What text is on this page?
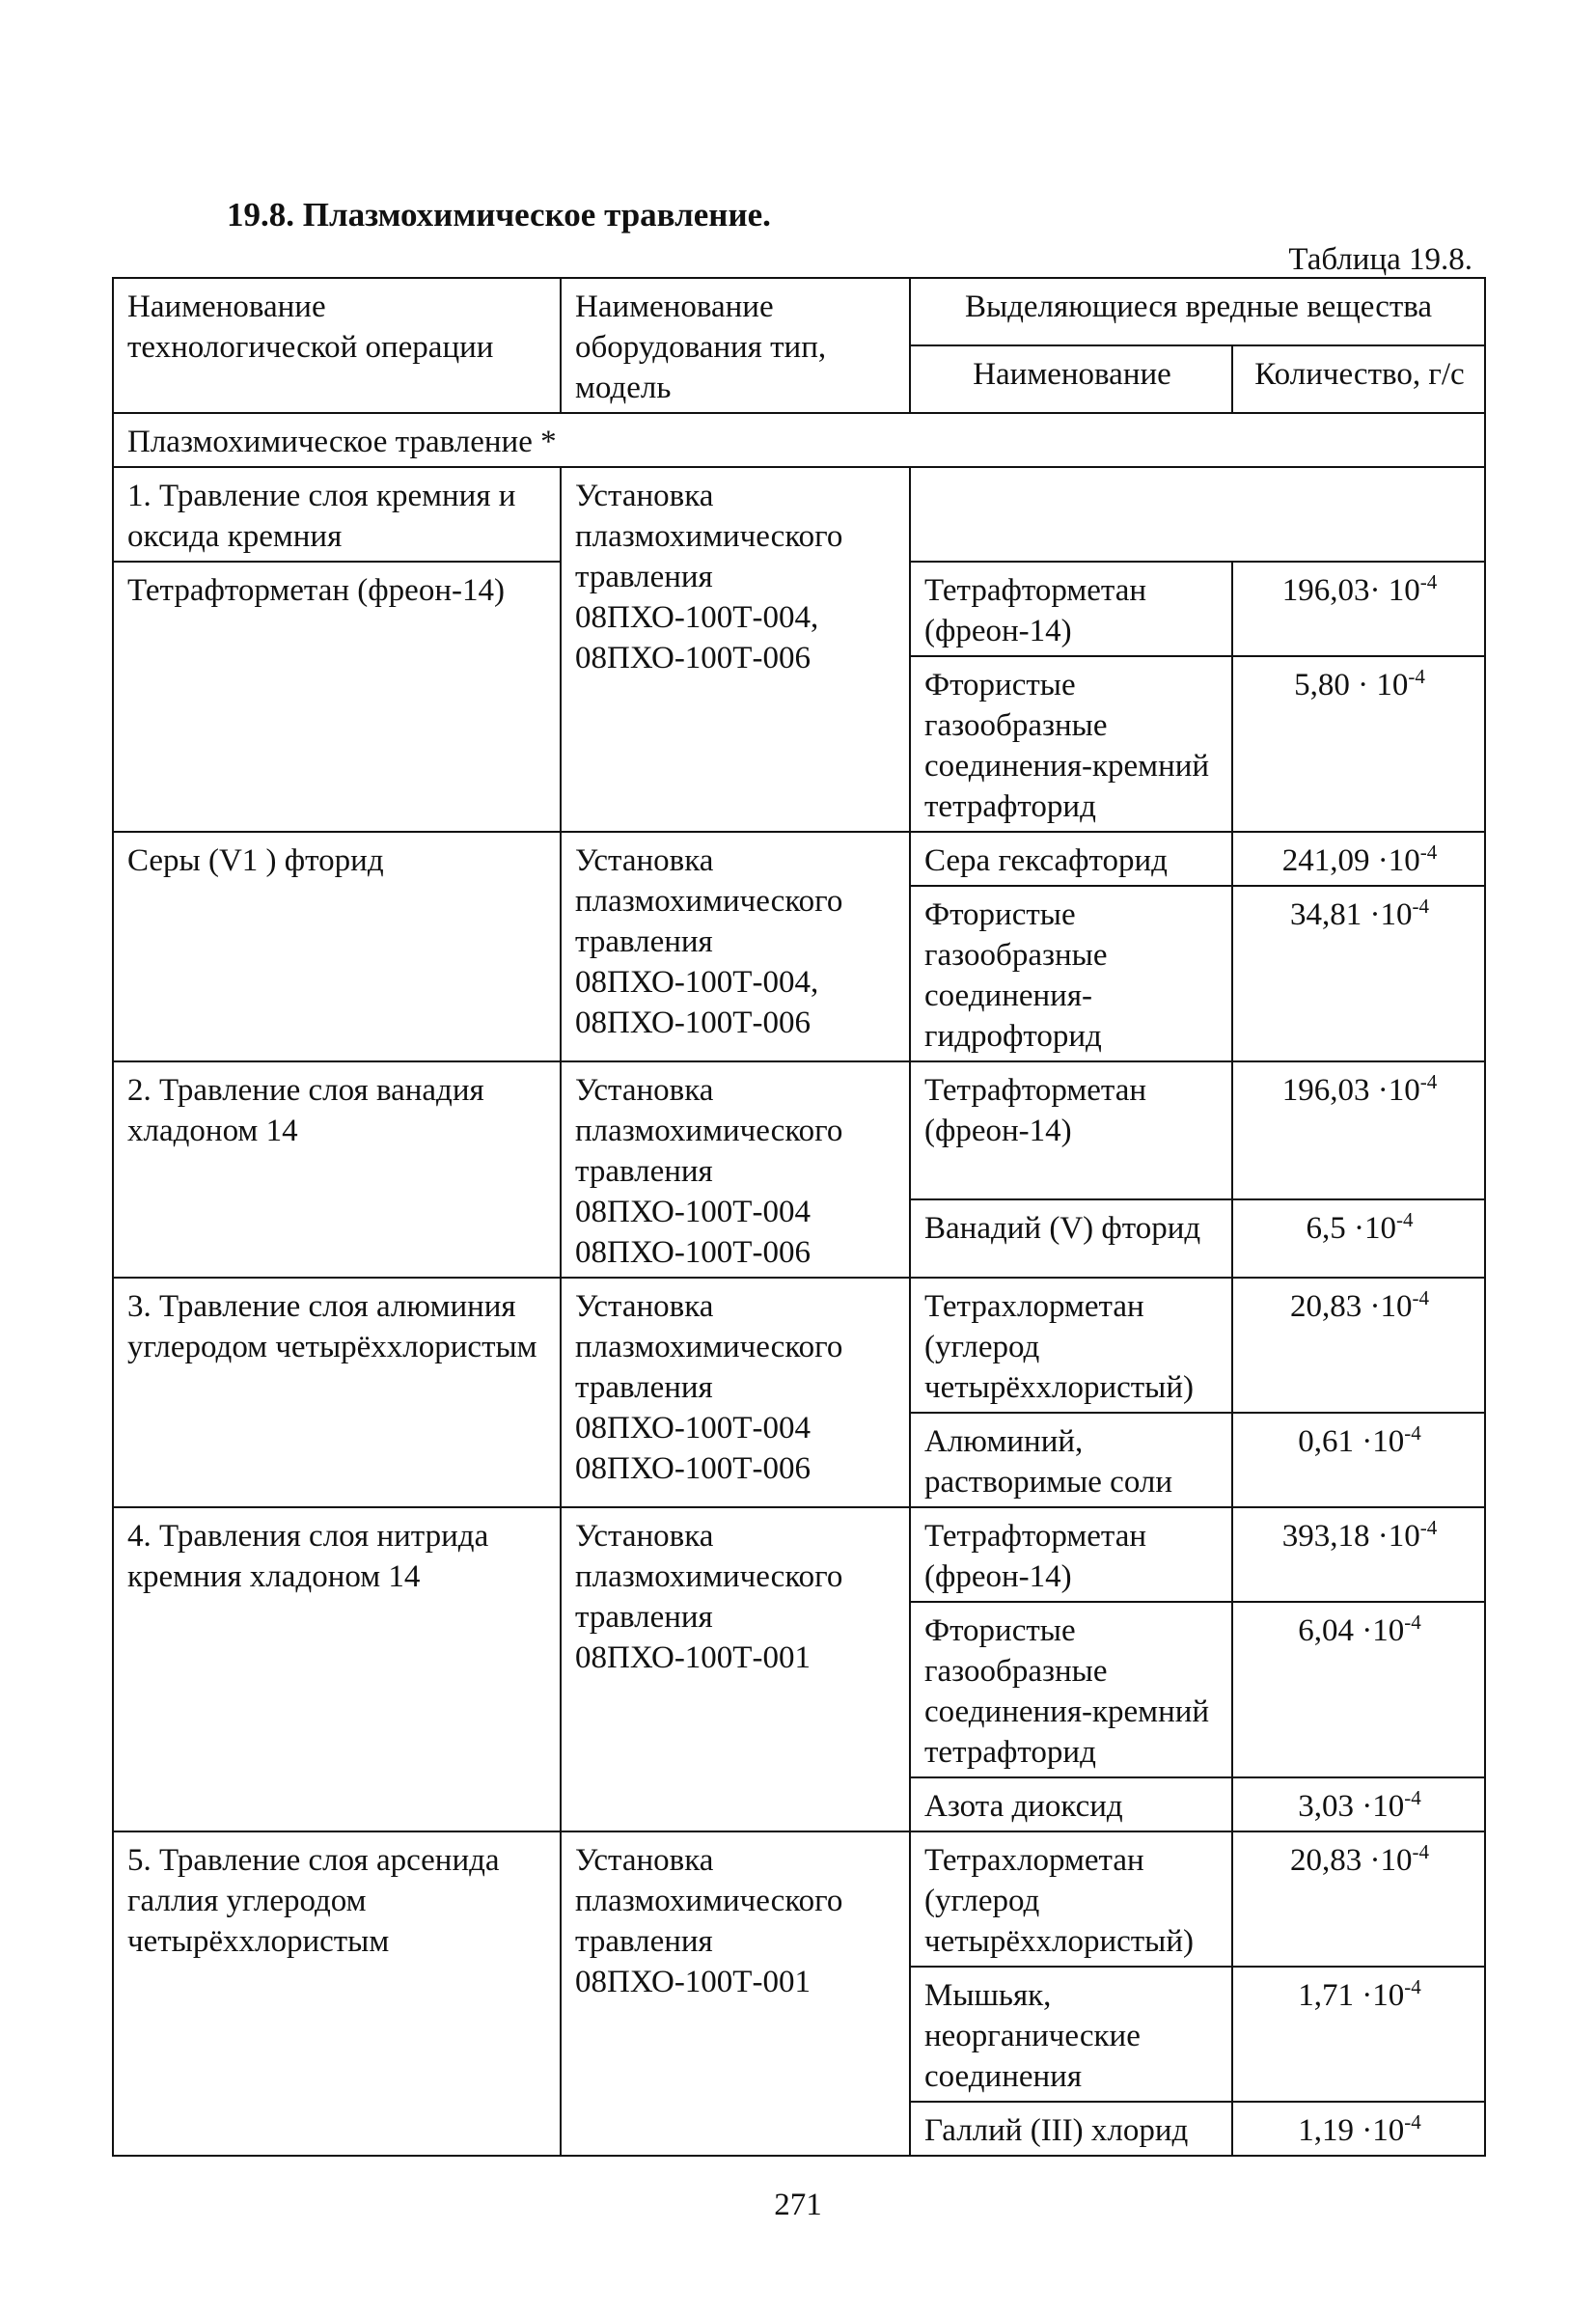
19.8. Плазмохимическое травление.
Таблица 19.8.
Наименование технологической операции	Наименование оборудования тип, модель	Выделяющиеся вредные вещества	
		Наименование	Количество, г/с
Плазмохимическое травление *			
1. Травление слоя кремния и оксида кремния	Установка плазмохимического травления 08ПХО-100Т-004, 08ПХО-100Т-006		
Тетрафторметан (фреон-14)		Тетрафторметан (фреон-14)	$196,03\cdot 10^{-4}$
		Фтористые газообразные соединения-кремний тетрафторид	$5,80 \cdot 10^{-4}$
Серы (V1 ) фторид	Установка плазмохимического травления 08ПХО-100Т-004, 08ПХО-100Т-006	Сера гексафторид	$241,09 \cdot 10^{-4}$
		Фтористые газообразные соединения-гидрофторид	$34,81 \cdot 10^{-4}$
2. Травление слоя ванадия хладоном 14	Установка плазмохимического травления 08ПХО-100Т-004 08ПХО-100Т-006	Тетрафторметан (фреон-14)	$196,03 \cdot 10^{-4}$
		Ванадий (V) фторид	$6,5 \cdot 10^{-4}$
3. Травление слоя алюминия углеродом четырёххлористым	Установка плазмохимического травления 08ПХО-100Т-004 08ПХО-100Т-006	Тетрахлорметан (углерод четырёххлористый)	$20,83 \cdot 10^{-4}$
		Алюминий, растворимые соли	$0,61 \cdot 10^{-4}$
4. Травления слоя нитрида кремния хладоном 14	Установка плазмохимического травления 08ПХО-100Т-001	Тетрафторметан (фреон-14)	$393,18 \cdot 10^{-4}$
		Фтористые газообразные соединения-кремний тетрафторид	$6,04 \cdot 10^{-4}$
		Азота диоксид	$3,03 \cdot 10^{-4}$
5. Травление слоя арсенида галлия углеродом четырёххлористым	Установка плазмохимического травления 08ПХО-100Т-001	Тетрахлорметан (углерод четырёххлористый)	$20,83 \cdot 10^{-4}$
		Мышьяк, неорганические соединения	$1,71 \cdot 10^{-4}$
		Галлий (III) хлорид	$1,19 \cdot 10^{-4}$
271
